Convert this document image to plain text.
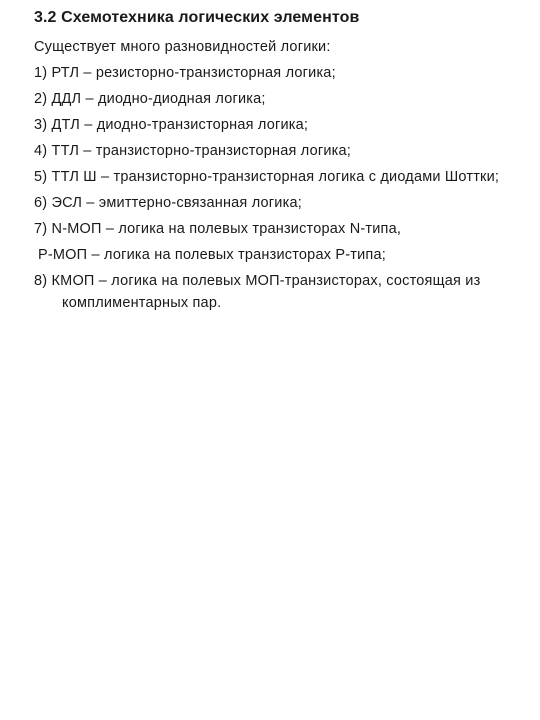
3.2 Схемотехника логических элементов
Существует много разновидностей логики:
1) РТЛ – резисторно-транзисторная логика;
2) ДДЛ – диодно-диодная логика;
3) ДТЛ – диодно-транзисторная логика;
4) ТТЛ – транзисторно-транзисторная логика;
5) ТТЛ Ш – транзисторно-транзисторная логика с диодами Шоттки;
6) ЭСЛ – эмиттерно-связанная логика;
7) N-МОП – логика на полевых транзисторах N-типа,
Р-МОП – логика на полевых транзисторах Р-типа;
8) КМОП – логика на полевых МОП-транзисторах, состоящая из комплиментарных пар.
